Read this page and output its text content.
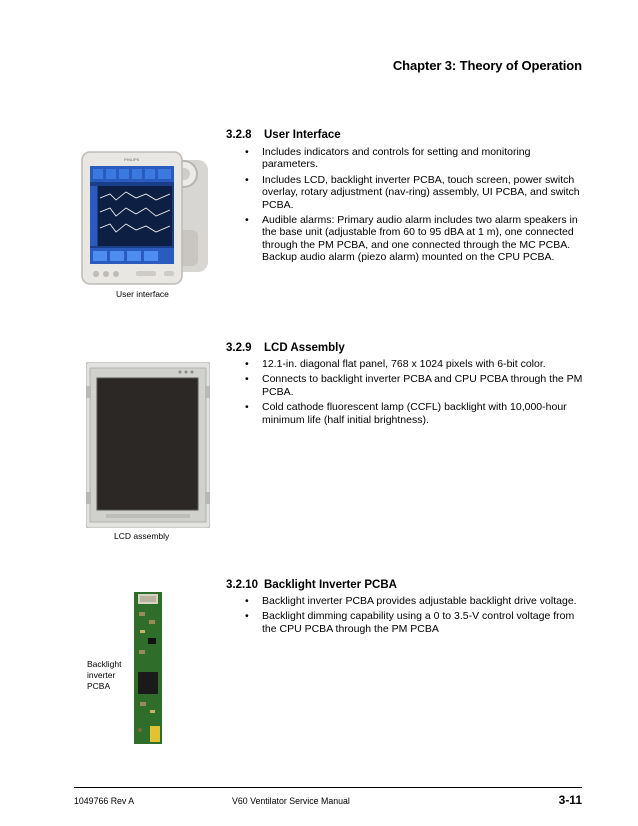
Chapter 3: Theory of Operation
3.2.8 User Interface
• Includes indicators and controls for setting and monitoring parameters.
• Includes LCD, backlight inverter PCBA, touch screen, power switch overlay, rotary adjustment (nav-ring) assembly, UI PCBA, and switch PCBA.
• Audible alarms: Primary audio alarm includes two alarm speakers in the base unit (adjustable from 60 to 95 dBA at 1 m), one connected through the PM PCBA, and one connected through the MC PCBA. Backup audio alarm (piezo alarm) mounted on the CPU PCBA.
PHILIPS
User interface
3.2.9 LCD Assembly
• 12.1-in. diagonal flat panel, 768 x 1024 pixels with 6-bit color.
• Connects to backlight inverter PCBA and CPU PCBA through the PM PCBA.
• Cold cathode fluorescent lamp (CCFL) backlight with 10,000-hour minimum life (half initial brightness).
LCD assembly
3.2.10 Backlight Inverter PCBA
• Backlight inverter PCBA provides adjustable backlight drive voltage.
• Backlight dimming capability using a 0 to 3.5-V control voltage from the CPU PCBA through the PM PCBA
Backlight
inverter
PCBA
1049766 Rev A	V60 Ventilator Service Manual	3-11
